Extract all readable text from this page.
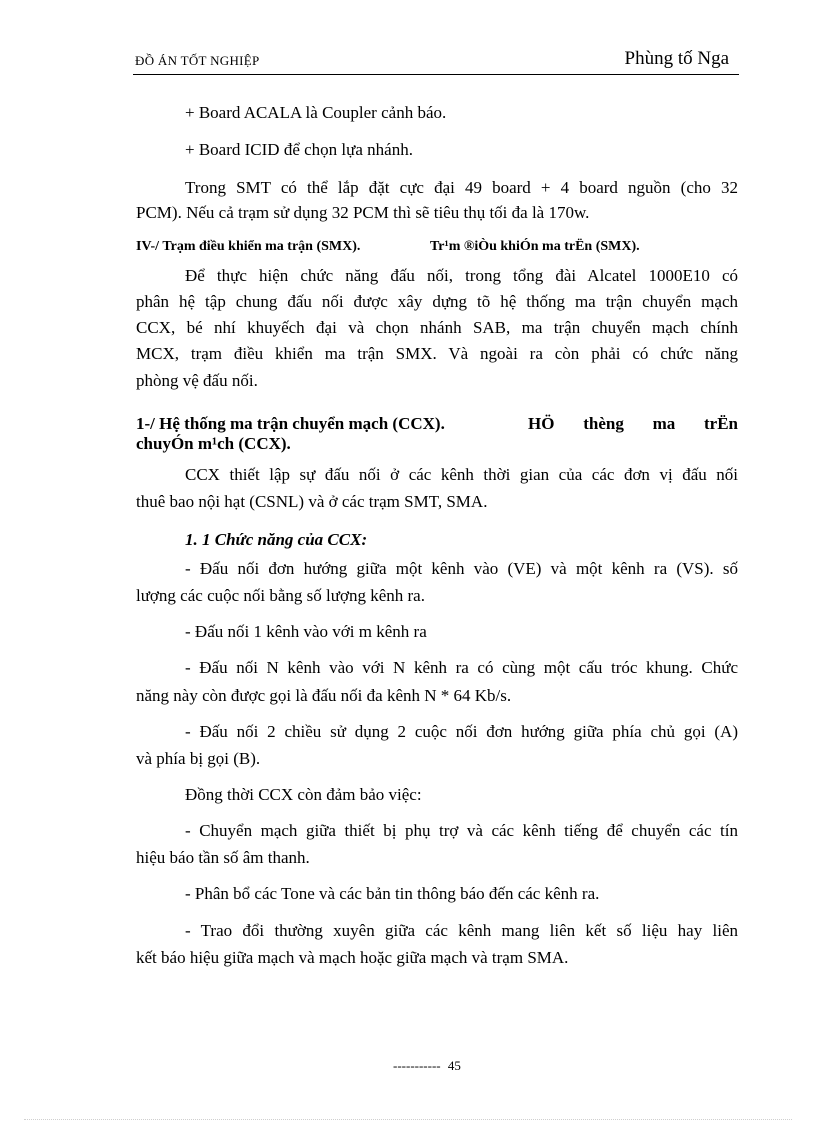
ĐỒ ÁN TỐT NGHIỆP	Phùng tố Nga
+ Board ACALA là Coupler cảnh báo.
+ Board ICID để chọn lựa nhánh.
Trong SMT có thể lắp đặt cực đại 49 board + 4 board nguồn (cho 32
PCM). Nếu cả trạm sử dụng 32 PCM thì sẽ tiêu thụ tối đa là 170w.
IV-/ Trạm điều khiển ma trận (SMX).	Tr¹m ®iÒu khiÓn ma trËn (SMX).
Để thực hiện chức năng đấu nối, trong tổng đài Alcatel 1000E10 có
phân hệ tập chung đấu nối được xây dựng tõ hệ thống ma trận chuyển mạch
CCX, bé nhí khuyếch đại và chọn nhánh SAB, ma trận chuyển mạch chính
MCX, trạm điều khiển ma trận SMX. Và ngoài ra còn phải có chức năng
phòng vệ đấu nối.
1-/ Hệ thống ma trận chuyển mạch (CCX).	HÖ thèng ma trËn
chuyÓn m¹ch (CCX).
CCX thiết lập sự đấu nối ở các kênh thời gian của các đơn vị đấu nối
thuê bao nội hạt (CSNL) và ở các trạm SMT, SMA.
1. 1 Chức năng của CCX:
- Đấu nối đơn hướng giữa một kênh vào (VE) và một kênh ra (VS). số
lượng các cuộc nối bằng số lượng kênh ra.
- Đấu nối 1 kênh vào với m kênh ra
- Đấu nối N kênh vào với N kênh ra có cùng một cấu tróc khung. Chức
năng này còn được gọi là đấu nối đa kênh N * 64 Kb/s.
- Đấu nối 2 chiều sử dụng 2 cuộc nối đơn hướng giữa phía chủ gọi (A)
và phía bị gọi (B).
Đồng thời CCX còn đảm bảo việc:
- Chuyển mạch giữa thiết bị phụ trợ và các kênh tiếng để chuyển các tín
hiệu báo tần số âm thanh.
- Phân bổ các Tone và các bản tin thông báo đến các kênh ra.
- Trao đổi thường xuyên giữa các kênh mang liên kết số liệu hay liên
kết báo hiệu giữa mạch và mạch hoặc giữa mạch và trạm SMA.
----------- 45
